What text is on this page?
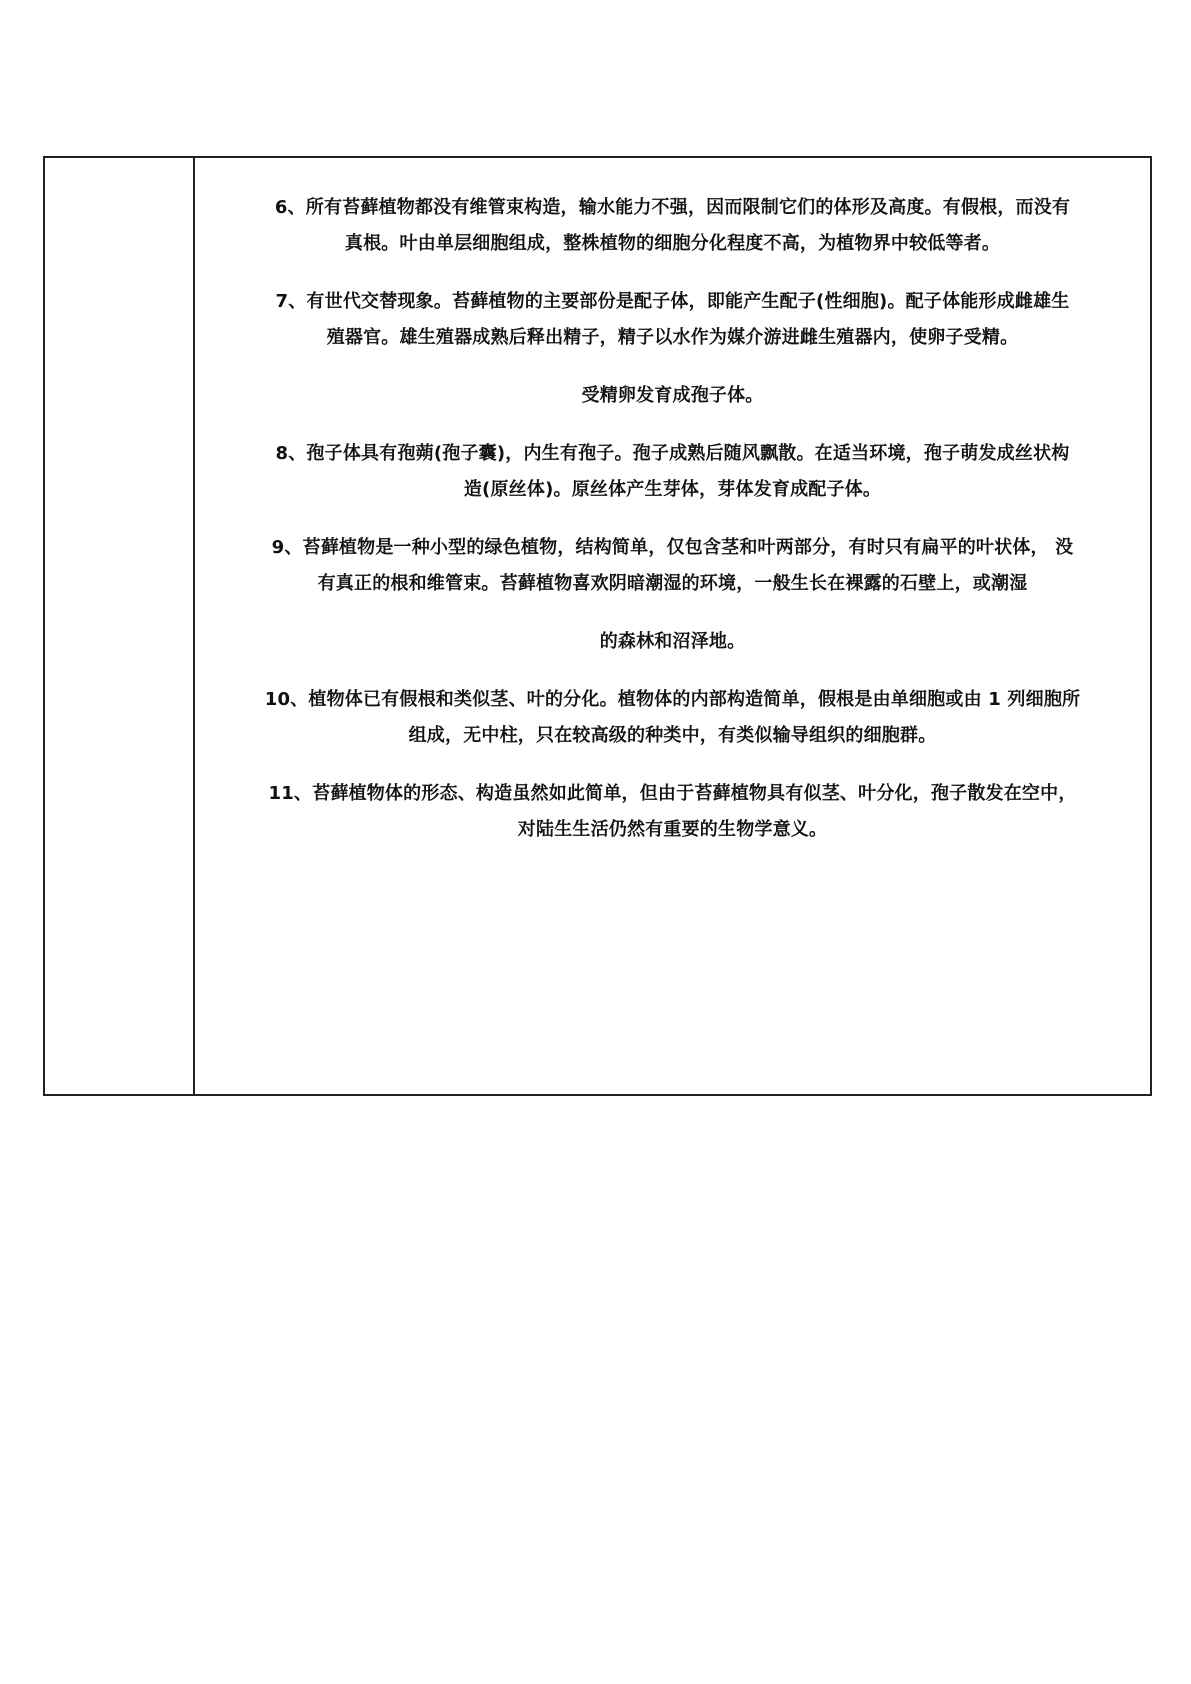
6、所有苔藓植物都没有维管束构造，输水能力不强，因而限制它们的体形及高度。有假根，而没有
真根。叶由单层细胞组成，整株植物的细胞分化程度不高，为植物界中较低等者。

7、有世代交替现象。苔藓植物的主要部份是配子体，即能产生配子(性细胞)。配子体能形成雌雄生
殖器官。雄生殖器成熟后释出精子，精子以水作为媒介游进雌生殖器内，使卵子受精。

受精卵发育成孢子体。

8、孢子体具有孢蒴(孢子囊)，内生有孢子。孢子成熟后随风飘散。在适当环境，孢子萌发成丝状构
造(原丝体)。原丝体产生芽体，芽体发育成配子体。

9、苔藓植物是一种小型的绿色植物，结构简单，仅包含茎和叶两部分，有时只有扁平的叶状体， 没
有真正的根和维管束。苔藓植物喜欢阴暗潮湿的环境，一般生长在裸露的石壁上，或潮湿

的森林和沼泽地。

10、植物体已有假根和类似茎、叶的分化。植物体的内部构造简单，假根是由单细胞或由 1 列细胞所
组成，无中柱，只在较高级的种类中，有类似输导组织的细胞群。

11、苔藓植物体的形态、构造虽然如此简单，但由于苔藓植物具有似茎、叶分化，孢子散发在空中，
对陆生生活仍然有重要的生物学意义。
